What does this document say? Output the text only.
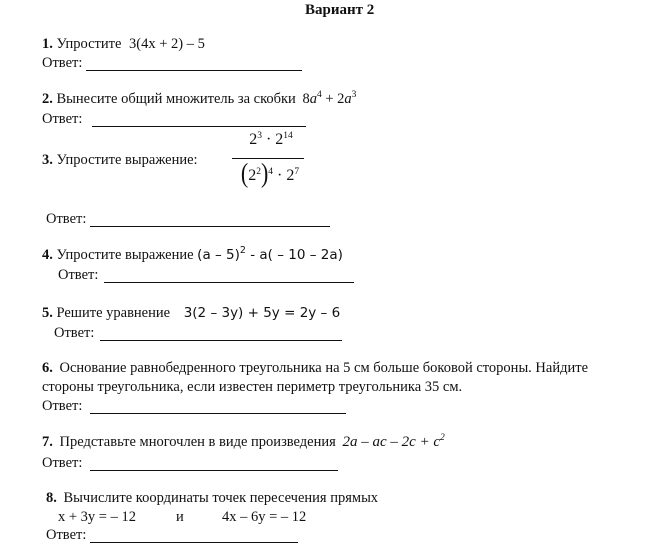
Вариант 2
1. Упростите 3(4х + 2) – 5
Ответ:
2. Вынесите общий множитель за скобки $8a^4 + 2a^3$
Ответ:
3. Упростите выражение:
$2^3 \cdot 2^{14}$
$(2^2)^4 \cdot 2^7$
Ответ:
4. Упростите выражение (a – 5)$^2$ - a( – 10 – 2a)
Ответ:
5. Решите уравнение 3(2 – 3y) + 5y = 2y – 6
Ответ:
6. Основание равнобедренного треугольника на 5 см больше боковой стороны. Найдите
стороны треугольника, если известен периметр треугольника 35 см.
Ответ:
7. Представьте многочлен в виде произведения 2a – ac – $2c + c^2$
Ответ:
8. Вычислите координаты точек пересечения прямых
x + 3y = – 12	и	4x – 6y = – 12
Ответ:
